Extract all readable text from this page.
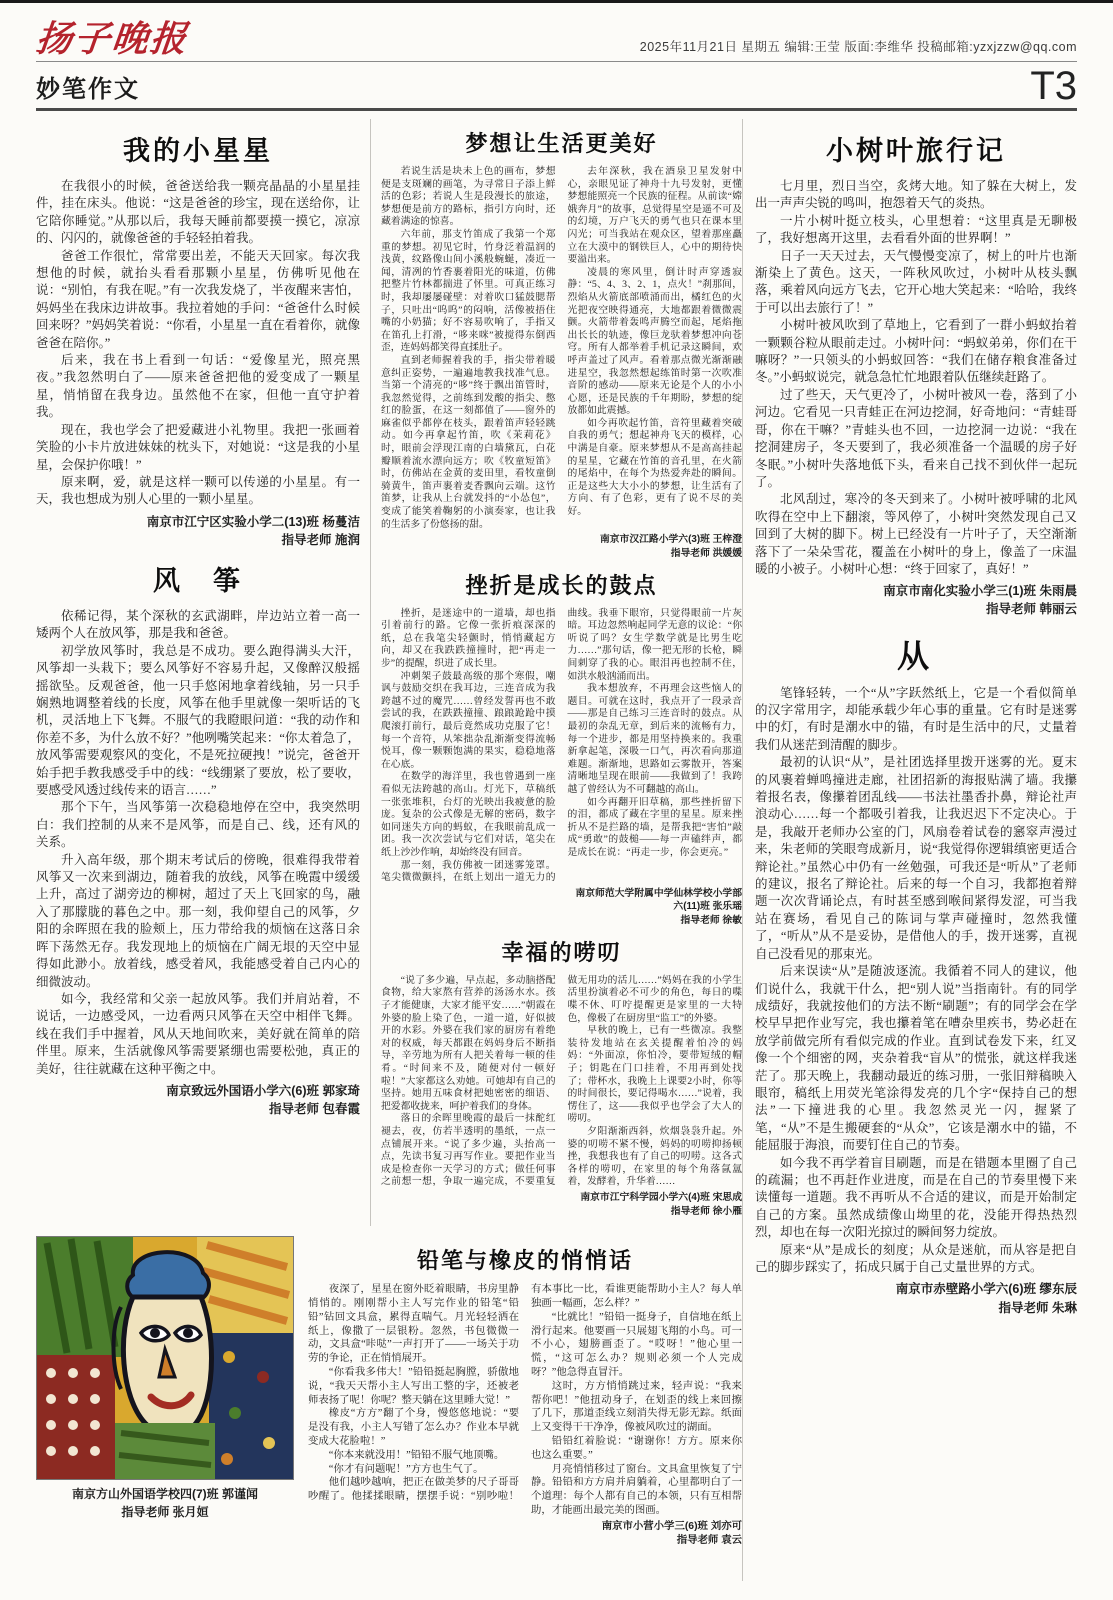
扬子晚报	2025年11月21日 星期五 编辑:王莹 版面:李维华 投稿邮箱:yzxjzzw@qq.com
妙笔作文	T3
我的小星星

在我很小的时候，爸爸送给我一颗亮晶晶的小星星挂件，挂在床头。他说：“这是爸爸的珍宝，现在送给你，让它陪你睡觉。”从那以后，我每天睡前都要摸一摸它，凉凉的、闪闪的，就像爸爸的手轻轻拍着我。

爸爸工作很忙，常常要出差，不能天天回家。每次我想他的时候，就抬头看看那颗小星星，仿佛听见他在说：“别怕，有我在呢。”有一次我发烧了，半夜醒来害怕，妈妈坐在我床边讲故事。我拉着她的手问：“爸爸什么时候回来呀？”妈妈笑着说：“你看，小星星一直在看着你，就像爸爸在陪你。”

后来，我在书上看到一句话：“爱像星光，照亮黑夜。”我忽然明白了——原来爸爸把他的爱变成了一颗星星，悄悄留在我身边。虽然他不在家，但他一直守护着我。

现在，我也学会了把爱藏进小礼物里。我把一张画着笑脸的小卡片放进妹妹的枕头下，对她说：“这是我的小星星，会保护你哦！”

原来啊，爱，就是这样一颗可以传递的小星星。有一天，我也想成为别人心里的一颗小星星。

南京市江宁区实验小学二(13)班 杨蔓洁

指导老师 施润

风　筝

依稀记得，某个深秋的玄武湖畔，岸边站立着一高一矮两个人在放风筝，那是我和爸爸。

初学放风筝时，我总是不成功。要么跑得满头大汗，风筝却一头栽下；要么风筝好不容易升起，又像醉汉般摇摇欲坠。反观爸爸，他一只手悠闲地拿着线轴，另一只手娴熟地调整着线的长度，风筝在他手里就像一架听话的飞机，灵活地上下飞舞。不服气的我瞪眼问道：“我的动作和你差不多，为什么放不好？”他咧嘴笑起来：“你太着急了，放风筝需要观察风的变化，不是死拉硬拽！”说完，爸爸开始手把手教我感受手中的线：“线绷紧了要放，松了要收，要感受风透过线传来的语言……”

那个下午，当风筝第一次稳稳地停在空中，我突然明白：我们控制的从来不是风筝，而是自己、线，还有风的关系。

升入高年级，那个期末考试后的傍晚，很难得我带着风筝又一次来到湖边，随着我的放线，风筝在晚霞中缓缓上升，高过了湖旁边的柳树，超过了天上飞回家的鸟，融入了那朦胧的暮色之中。那一刻，我仰望自己的风筝，夕阳的余晖照在我的脸颊上，压力带给我的烦恼在这落日余晖下荡然无存。我发现地上的烦恼在广阔无垠的天空中显得如此渺小。放着线，感受着风，我能感受着自己内心的细微波动。

如今，我经常和父亲一起放风筝。我们并肩站着，不说话，一边感受风，一边看两只风筝在天空中相伴飞舞。线在我们手中握着，风从天地间吹来，美好就在简单的陪伴里。原来，生活就像风筝需要紧绷也需要松弛，真正的美好，往往就藏在这种平衡之中。

南京致远外国语小学六(6)班 郭家琦

指导老师 包春霞

梦想让生活更美好

若说生活是块未上色的画布，梦想便是支斑斓的画笔，为寻常日子添上鲜活的色彩；若说人生是段漫长的旅途，梦想便是前方的路标，指引方向时，还藏着满途的惊喜。

六年前，那支竹笛成了我第一个郑重的梦想。初见它时，竹身泛着温润的浅黄，纹路像山间小溪般蜿蜒，凑近一闻，清冽的竹香裹着阳光的味道，仿佛把整片竹林都揣进了怀里。可真正练习时，我却屡屡碰壁：对着吹口猛鼓腮帮子，只吐出“呜呜”的闷响，活像被捂住嘴的小奶猫；好不容易吹响了，手指又在笛孔上打滑，“哆来咪”被搅得东倒西歪，连妈妈都笑得直揉肚子。

直到老师握着我的手，指尖带着暖意纠正姿势，一遍遍地教我找准气息。当第一个清亮的“哆”终于飘出笛管时，我忽然觉得，之前练到发酸的指尖、憋红的脸蛋，在这一刻都值了——窗外的麻雀似乎都停在枝头，跟着笛声轻轻跳动。如今再拿起竹笛，吹《茉莉花》时，眼前会浮现江南的白墙黛瓦，白花瓣顺着流水漂向远方；吹《牧童短笛》时，仿佛站在金黄的麦田里，看牧童倒骑黄牛，笛声裹着麦香飘向云端。这竹笛梦，让我从上台就发抖的“小怂包”，变成了能笑着鞠躬的小演奏家，也让我的生活多了份悠扬的甜。

去年深秋，我在酒泉卫星发射中心，亲眼见证了神舟十九号发射，更懂梦想能照亮一个民族的征程。从前读“嫦娥奔月”的故事，总觉得星空是遥不可及的幻境，万户飞天的勇气也只在课本里闪光；可当我站在观众区，望着那座矗立在大漠中的钢铁巨人，心中的期待快要溢出来。

凌晨的寒风里，倒计时声穿透寂静：“5、4、3、2、1，点火！”刹那间，烈焰从火箭底部喷涌而出，橘红色的火光把夜空映得通亮，大地都跟着微微震颤。火箭带着轰鸣声腾空而起，尾焰拖出长长的轨迹，像巨龙驮着梦想冲向苍穹。所有人都举着手机记录这瞬间，欢呼声盖过了风声。看着那点微光渐渐融进星空，我忽然想起练笛时第一次吹准音阶的感动——原来无论是个人的小小心愿，还是民族的千年期盼，梦想的绽放都如此震撼。

如今再吹起竹笛，音符里藏着突破自我的勇气；想起神舟飞天的模样，心中满是自豪。原来梦想从不是高高挂起的星星，它藏在竹笛的音孔里，在火箭的尾焰中，在每个为热爱奔赴的瞬间。正是这些大大小小的梦想，让生活有了方向、有了色彩，更有了说不尽的美好。

南京市汉江路小学六(3)班 王梓澄

指导老师 洪媛媛

挫折是成长的鼓点

挫折，是迷途中的一道墙，却也指引着前行的路。它像一张折痕深深的纸，总在我笔尖轻颤时，悄悄藏起方向，却又在我跌跌撞撞时，把“再走一步”的提醒，织进了成长里。

冲刺架子鼓最高级的那个寒假，嘲讽与鼓励交织在我耳边，三连音成为我跨越不过的魔咒……曾经发誓再也不敢尝试的我，在跌跌撞撞、踉踉跄跄中摸爬滚打前行，最后竟然成功克服了它！每一个音符，从笨拙杂乱渐渐变得流畅悦耳，像一颗颗饱满的果实，稳稳地落在心底。

在数学的海洋里，我也曾遇到一座看似无法跨越的高山。灯光下，草稿纸一张张堆积，台灯的光映出我疲惫的脸庞。复杂的公式像是无解的密码，数字如同迷失方向的蚂蚁，在我眼前乱成一团。我一次次尝试与它们对话，笔尖在纸上沙沙作响，却始终没有回音。

那一刻，我仿佛被一团迷雾笼罩。笔尖微微颤抖，在纸上划出一道无力的曲线。我垂下眼帘，只觉得眼前一片灰暗。耳边忽然响起同学无意的议论：“你听说了吗？女生学数学就是比男生吃力……”那句话，像一把无形的长枪，瞬间刺穿了我的心。眼泪再也控制不住，如洪水般汹涌而出。

我本想放弃，不再理会这些恼人的题目。可就在这时，我点开了一段录音——那是自己练习三连音时的鼓点。从最初的杂乱无章，到后来的流畅有力，每一个进步，都是用坚持换来的。我重新拿起笔，深吸一口气，再次看向那道难题。渐渐地，思路如云雾散开，答案清晰地呈现在眼前——我做到了！我跨越了曾经认为不可翻越的高山。

如今再翻开旧草稿，那些挫折留下的泪，都成了藏在字里的星星。原来挫折从不是拦路的墙，是帮我把“害怕”敲成“勇敢”的鼓槌——每一声磕绊声，都是成长在说：“再走一步，你会更亮。”

南京师范大学附属中学仙林学校小学部

六(11)班 张乐瑶

指导老师 徐敏

幸福的唠叨

“说了多少遍，早点起，多动脑搭配食物，给大家熬有营养的汤汤水水。孩子才能健康，大家才能平安……”朝霞在外婆的脸上染了色，一道一道，好似披开的水彩。外婆在我们家的厨房有着绝对的权威，每天都跟在妈妈身后不断指导，辛劳地为所有人把关着每一顿的佳肴。“时间来不及，随便对付一顿好啦！”大家都这么劝她。可她却有自己的坚持。她用五味食材把她密密的细语、把爱都收拢来，呵护着我们的身体。

落日的余晖里晚霞的最后一抹酡红褪去，夜，仿若半透明的墨纸，一点一点铺展开来。“说了多少遍，头抬高一点，先读书复习再写作业。要把作业当成是检查你一天学习的方式；做任何事之前想一想，争取一遍完成，不要重复做无用功的活儿……”妈妈在我的小学生活里扮演着必不可少的角色，每日的喋喋不休、叮咛提醒更是家里的一大特色，像极了在厨房里“监工”的外婆。

早秋的晚上，已有一些微凉。我整装待发地站在玄关提醒着怕冷的妈妈：“外面凉，你怕冷，要带短绒的帽子；钥匙在门口挂着，不用再到处找了；带杯水，我晚上上课要2小时，你等的时间很长，要记得喝水……”说着，我愣住了，这——我似乎也学会了大人的唠叨。

夕阳渐渐西斜，炊烟袅袅升起。外婆的叨唠不紧不慢，妈妈的叨唠抑扬顿挫，我想我也有了自己的叨唠。这各式各样的唠叨，在家里的每个角落氤氲着，发酵着，升华着……

南京市江宁科学园小学六(4)班 宋思成

指导老师 徐小雁

南京方山外国语学校四(7)班 郭谨闻

指导老师 张月姮

铅笔与橡皮的悄悄话

夜深了，星星在窗外眨着眼睛，书房里静悄悄的。刚刚帮小主人写完作业的铅笔“铅铅”钻回文具盒，累得直喘气。月光轻轻洒在纸上，像撒了一层银粉。忽然，书包微微一动，文具盒“咔哒”一声打开了——一场关于功劳的争论，正在悄悄展开。

“你看我多伟大！”铅铅挺起胸膛，骄傲地说，“我天天帮小主人写出工整的字，还被老师表扬了呢！你呢？整天躺在这里睡大觉！”

橡皮“方方”翻了个身，慢悠悠地说：“要是没有我，小主人写错了怎么办？作业本早就变成大花脸啦！”

“你本来就没用！”铅铅不服气地顶嘴。

“你才有问题呢！”方方也生气了。

他们越吵越响，把正在做美梦的尺子哥哥吵醒了。他揉揉眼睛，摆摆手说：“别吵啦！有本事比一比，看谁更能帮助小主人？每人单独画一幅画，怎么样？”

“比就比！”铅铅一挺身子，自信地在纸上滑行起来。他要画一只展翅飞翔的小鸟。可一不小心，翅膀画歪了。“哎呀！”他心里一慌，“这可怎么办？规则必须一个人完成呀？”他急得直冒汗。

这时，方方悄悄跳过来，轻声说：“我来帮你吧！”他扭动身子，在划歪的线上来回擦了几下，那道歪线立刻消失得无影无踪。纸面上又变得干干净净，像被风吹过的湖面。

铅铅红着脸说：“谢谢你！方方。原来你也这么重要。”

月亮悄悄移过了窗台。文具盒里恢复了宁静。铅铅和方方肩并肩躺着，心里都明白了一个道理：每个人都有自己的本领，只有互相帮助，才能画出最完美的图画。

南京市小营小学三(6)班 刘亦可

指导老师 袁云

小树叶旅行记

七月里，烈日当空，炙烤大地。知了躲在大树上，发出一声声尖锐的鸣叫，抱怨着天气的炎热。

一片小树叶挺立枝头，心里想着：“这里真是无聊极了，我好想离开这里，去看看外面的世界啊！”

日子一天天过去，天气慢慢变凉了，树上的叶片也渐渐染上了黄色。这天，一阵秋风吹过，小树叶从枝头飘落，乘着风向远方飞去，它开心地大笑起来：“哈哈，我终于可以出去旅行了！”

小树叶被风吹到了草地上，它看到了一群小蚂蚁抬着一颗颗谷粒从眼前走过。小树叶问：“蚂蚁弟弟，你们在干嘛呀？”一只领头的小蚂蚁回答：“我们在储存粮食准备过冬。”小蚂蚁说完，就急急忙忙地跟着队伍继续赶路了。

过了些天，天气更冷了，小树叶被风一卷，落到了小河边。它看见一只青蛙正在河边挖洞，好奇地问：“青蛙哥哥，你在干嘛？”青蛙头也不回，一边挖洞一边说：“我在挖洞建房子，冬天要到了，我必须准备一个温暖的房子好冬眠。”小树叶失落地低下头，看来自己找不到伙伴一起玩了。

北风刮过，寒冷的冬天到来了。小树叶被呼啸的北风吹得在空中上下翻滚，等风停了，小树叶突然发现自己又回到了大树的脚下。树上已经没有一片叶子了，天空渐渐落下了一朵朵雪花，覆盖在小树叶的身上，像盖了一床温暖的小被子。小树叶心想：“终于回家了，真好！”

南京市南化实验小学三(1)班 朱雨晨

指导老师 韩丽云

从

笔锋轻转，一个“从”字跃然纸上，它是一个看似简单的汉字常用字，却能承载少年心事的重量。它有时是迷雾中的灯，有时是潮水中的锚，有时是生活中的尺，丈量着我们从迷茫到清醒的脚步。

最初的认识“从”，是社团选择里拨开迷雾的光。夏末的风裹着蝉鸣撞进走廊，社团招新的海报贴满了墙。我攥着报名表，像攥着团乱线——书法社墨香扑鼻，辩论社声浪动心……每一个都吸引着我，让我迟迟下不定决心。于是，我敲开老师办公室的门，风扇卷着试卷的窸窣声漫过来，朱老师的笑眼弯成新月，说“我觉得你逻辑缜密更适合辩论社。”虽然心中仍有一丝勉强，可我还是“听从”了老师的建议，报名了辩论社。后来的每一个自习，我都抱着辩题一次次背诵论点，有时甚至感到喉间紧得发涩，可当我站在赛场，看见自己的陈词与掌声碰撞时，忽然我懂了，“听从”从不是妥协，是借他人的手，拨开迷雾，直视自己没看见的那束光。

后来误读“从”是随波逐流。我循着不同人的建议，他们说什么，我就干什么，把“别人说”当指南针。有的同学成绩好，我就按他们的方法不断“刷题”；有的同学会在学校早早把作业写完，我也攥着笔在嘈杂里疾书，势必赶在放学前做完所有看似完成的作业。直到试卷发下来，红叉像一个个细密的网，夹杂着我“盲从”的慌张，就这样我迷茫了。那天晚上，我翻动最近的练习册，一张旧辩稿映入眼帘，稿纸上用荧光笔涂得发亮的几个字“保持自己的想法”一下撞进我的心里。我忽然灵光一闪，握紧了笔，“从”不是生搬硬套的“从众”，它该是潮水中的锚，不能屈服于海浪，而要钉住自己的节奏。

如今我不再学着盲目刷题，而是在错题本里圈了自己的疏漏；也不再赶作业进度，而是在自己的节奏里慢下来读懂每一道题。我不再听从不合适的建议，而是开始制定自己的方案。虽然成绩像山坳里的花，没能开得热热烈烈，却也在每一次阳光掠过的瞬间努力绽放。

原来“从”是成长的刻度；从众是迷航，而从容是把自己的脚步踩实了，拓成只属于自己丈量世界的方式。

南京市赤壁路小学六(6)班 缪东辰

指导老师 朱琳
